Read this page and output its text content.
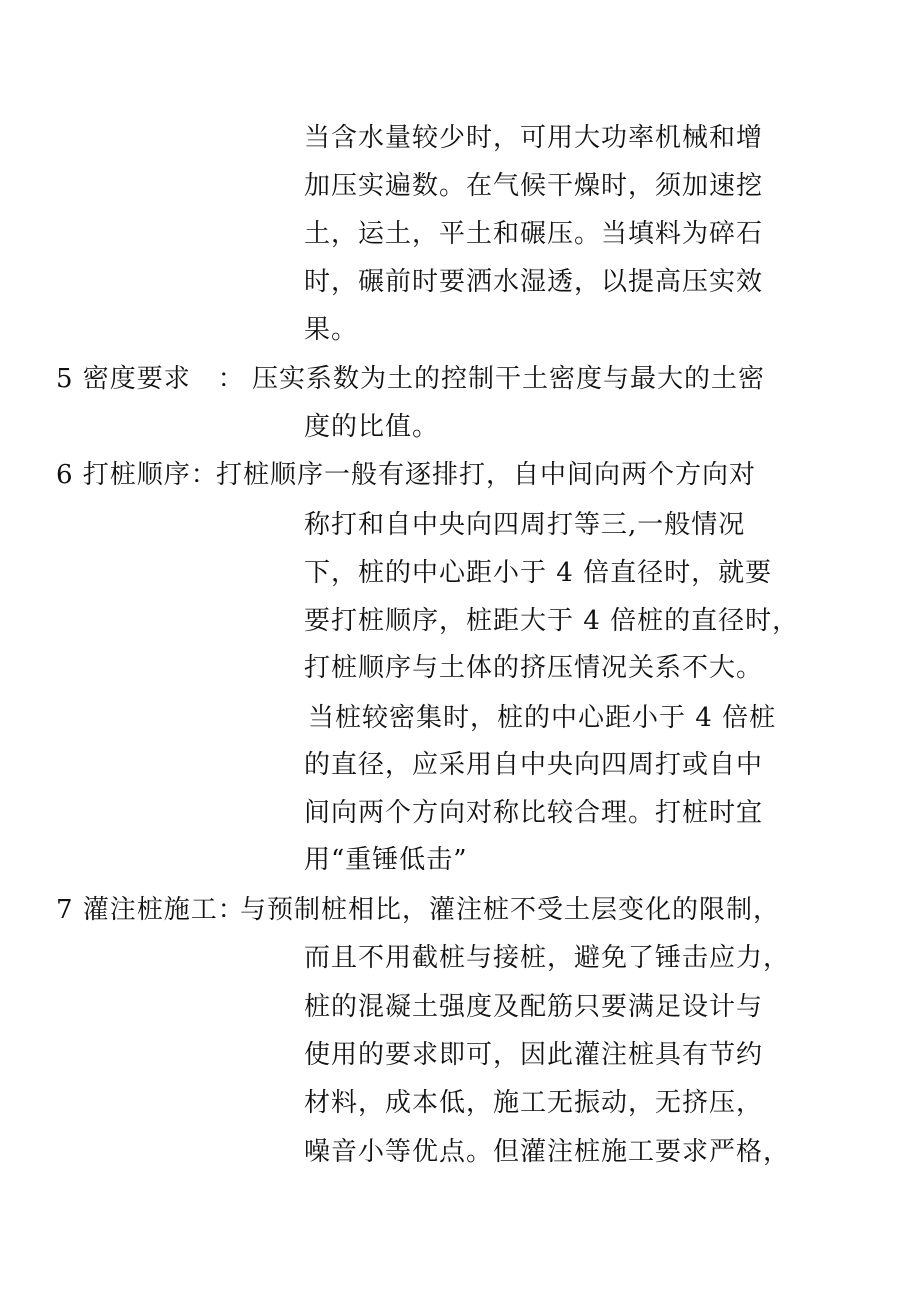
当含水量较少时，可用大功率机械和增
加压实遍数。在气候干燥时，须加速挖
土，运土，平土和碾压。当填料为碎石
时，碾前时要洒水湿透，以提高压实效
果。
5 密度要求　： 压实系数为土的控制干土密度与最大的土密
度的比值。
6 打桩顺序：
打桩顺序一般有逐排打，自中间向两个方向对
称打和自中央向四周打等三,一般情况
下，桩的中心距小于 4 倍直径时，就要
要打桩顺序，桩距大于 4 倍桩的直径时，
打桩顺序与土体的挤压情况关系不大。
当桩较密集时，桩的中心距小于 4 倍桩
的直径，应采用自中央向四周打或自中
间向两个方向对称比较合理。打桩时宜
用“重锤低击”
7 灌注桩施工：
与预制桩相比，灌注桩不受土层变化的限制，
而且不用截桩与接桩，避免了锤击应力，
桩的混凝土强度及配筋只要满足设计与
使用的要求即可，因此灌注桩具有节约
材料，成本低，施工无振动，无挤压，
噪音小等优点。但灌注桩施工要求严格，
